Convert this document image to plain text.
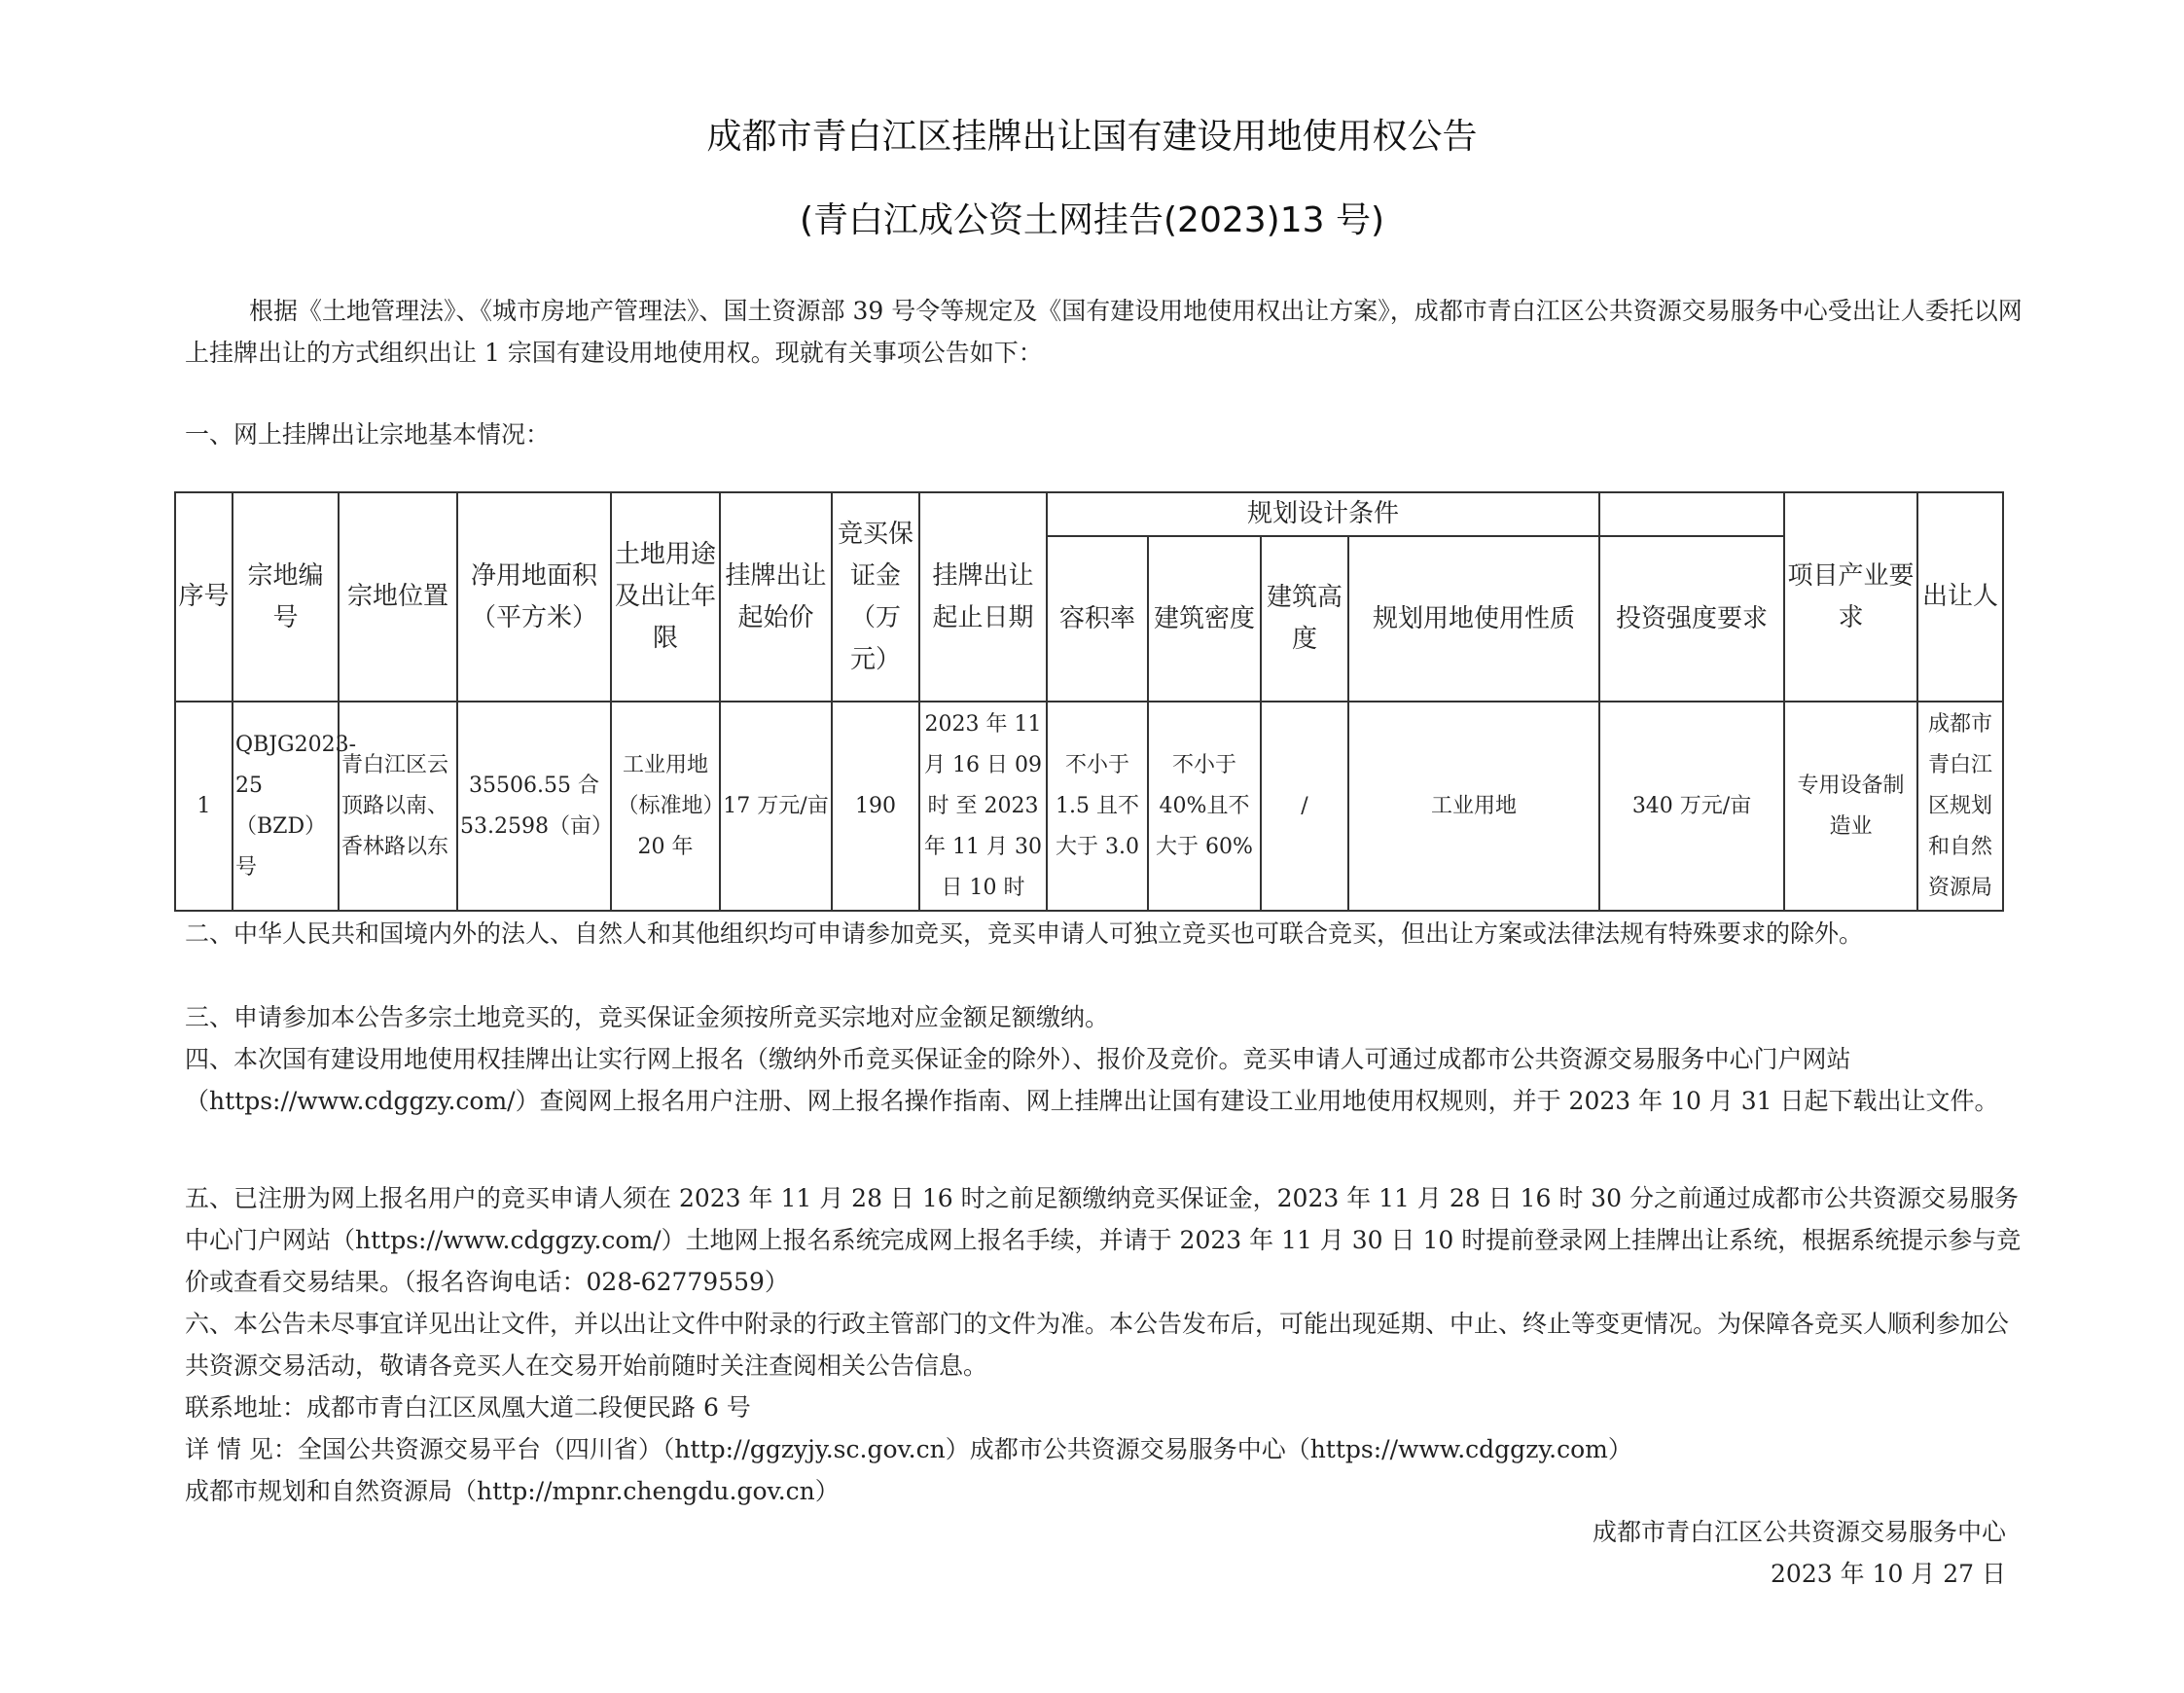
成都市青白江区挂牌出让国有建设用地使用权公告
(青白江成公资土网挂告(2023)13 号)

根据《土地管理法》、《城市房地产管理法》、国土资源部 39 号令等规定及《国有建设用地使用权出让方案》，成都市青白江区公共资源交易服务中心受出让人委托以网上挂牌出让的方式组织出让 1 宗国有建设用地使用权。现就有关事项公告如下：

一、网上挂牌出让宗地基本情况：

序号	宗地编号	宗地位置	净用地面积（平方米）	土地用途及出让年限	挂牌出让起始价	竞买保证金（万元）	挂牌出让起止日期	规划设计条件					项目产业要求	出让人
								容积率	建筑密度	建筑高度	规划用地使用性质	投资强度要求		
1	QBJG2023-25（BZD）号	青白江区云顶路以南、香林路以东	35506.55 合 53.2598（亩）	工业用地（标准地）20 年	17 万元/亩	190	2023 年 11 月 16 日 09 时 至 2023 年 11 月 30 日 10 时	不小于 1.5 且不大于 3.0	不小于 40%且不大于 60%	/	工业用地	340 万元/亩	专用设备制造业	成都市青白江区规划和自然资源局

二、中华人民共和国境内外的法人、自然人和其他组织均可申请参加竞买，竞买申请人可独立竞买也可联合竞买，但出让方案或法律法规有特殊要求的除外。

三、申请参加本公告多宗土地竞买的，竞买保证金须按所竞买宗地对应金额足额缴纳。

四、本次国有建设用地使用权挂牌出让实行网上报名（缴纳外币竞买保证金的除外）、报价及竞价。竞买申请人可通过成都市公共资源交易服务中心门户网站（https://www.cdggzy.com/）查阅网上报名用户注册、网上报名操作指南、网上挂牌出让国有建设工业用地使用权规则，并于 2023 年 10 月 31 日起下载出让文件。

五、已注册为网上报名用户的竞买申请人须在 2023 年 11 月 28 日 16 时之前足额缴纳竞买保证金，2023 年 11 月 28 日 16 时 30 分之前通过成都市公共资源交易服务中心门户网站（https://www.cdggzy.com/）土地网上报名系统完成网上报名手续，并请于 2023 年 11 月 30 日 10 时提前登录网上挂牌出让系统，根据系统提示参与竞价或查看交易结果。（报名咨询电话：028-62779559）

六、本公告未尽事宜详见出让文件，并以出让文件中附录的行政主管部门的文件为准。本公告发布后，可能出现延期、中止、终止等变更情况。为保障各竞买人顺利参加公共资源交易活动，敬请各竞买人在交易开始前随时关注查阅相关公告信息。

联系地址：成都市青白江区凤凰大道二段便民路 6 号

详 情 见：全国公共资源交易平台（四川省）（http://ggzyjy.sc.gov.cn）成都市公共资源交易服务中心（https://www.cdggzy.com）

成都市规划和自然资源局（http://mpnr.chengdu.gov.cn）

成都市青白江区公共资源交易服务中心
2023 年 10 月 27 日
